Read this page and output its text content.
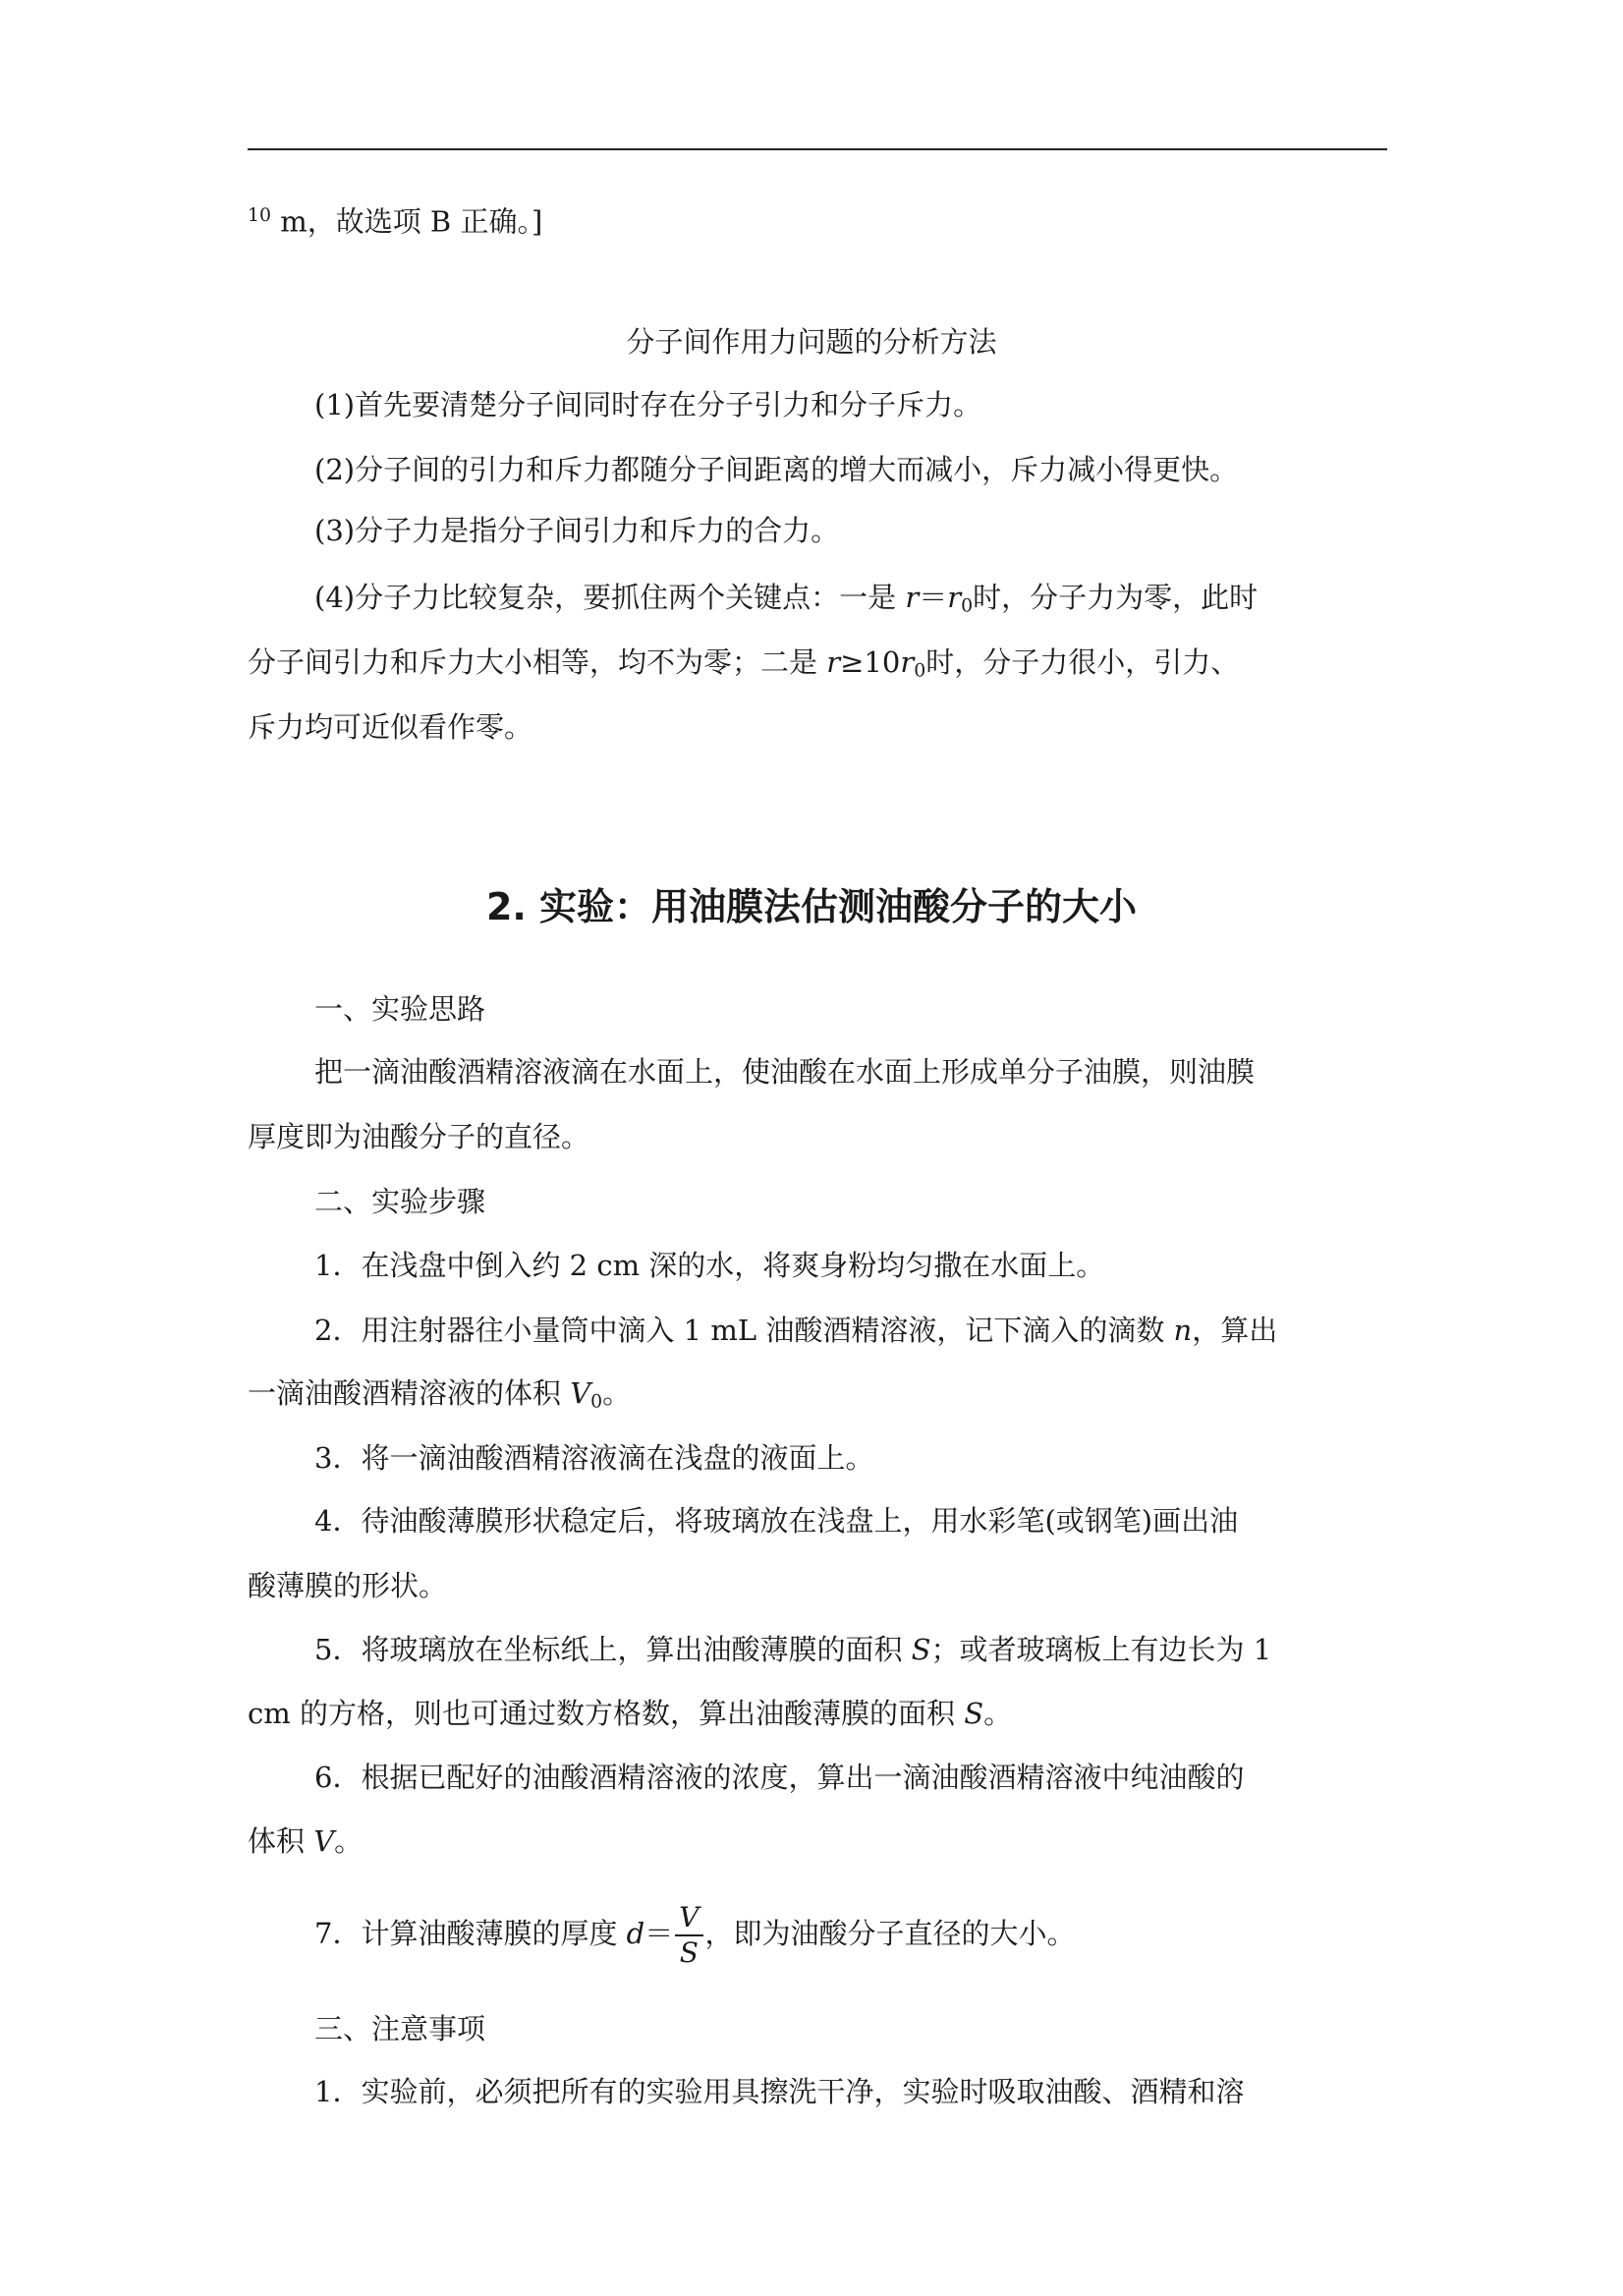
$^{10}$ m，故选项 B 正确。]
分子间作用力问题的分析方法
(1)首先要清楚分子间同时存在分子引力和分子斥力。
(2)分子间的引力和斥力都随分子间距离的增大而减小，斥力减小得更快。
(3)分子力是指分子间引力和斥力的合力。
(4)分子力比较复杂，要抓住两个关键点：一是 $r=r_0$时，分子力为零，此时
分子间引力和斥力大小相等，均不为零；二是 $r\ge 10r_0$时，分子力很小，引力、
斥力均可近似看作零。
2. 实验：用油膜法估测油酸分子的大小
一、实验思路
把一滴油酸酒精溶液滴在水面上，使油酸在水面上形成单分子油膜，则油膜
厚度即为油酸分子的直径。
二、实验步骤
1．在浅盘中倒入约 2 cm 深的水，将爽身粉均匀撒在水面上。
2．用注射器往小量筒中滴入 1 mL 油酸酒精溶液，记下滴入的滴数 n，算出
一滴油酸酒精溶液的体积 $V_0$。
3．将一滴油酸酒精溶液滴在浅盘的液面上。
4．待油酸薄膜形状稳定后，将玻璃放在浅盘上，用水彩笔(或钢笔)画出油
酸薄膜的形状。
5．将玻璃放在坐标纸上，算出油酸薄膜的面积 S；或者玻璃板上有边长为 1
cm 的方格，则也可通过数方格数，算出油酸薄膜的面积 S。
6．根据已配好的油酸酒精溶液的浓度，算出一滴油酸酒精溶液中纯油酸的
体积 V。
7．计算油酸薄膜的厚度 $d= \frac{V}{S}$ ，即为油酸分子直径的大小。
三、注意事项
1．实验前，必须把所有的实验用具擦洗干净，实验时吸取油酸、酒精和溶
